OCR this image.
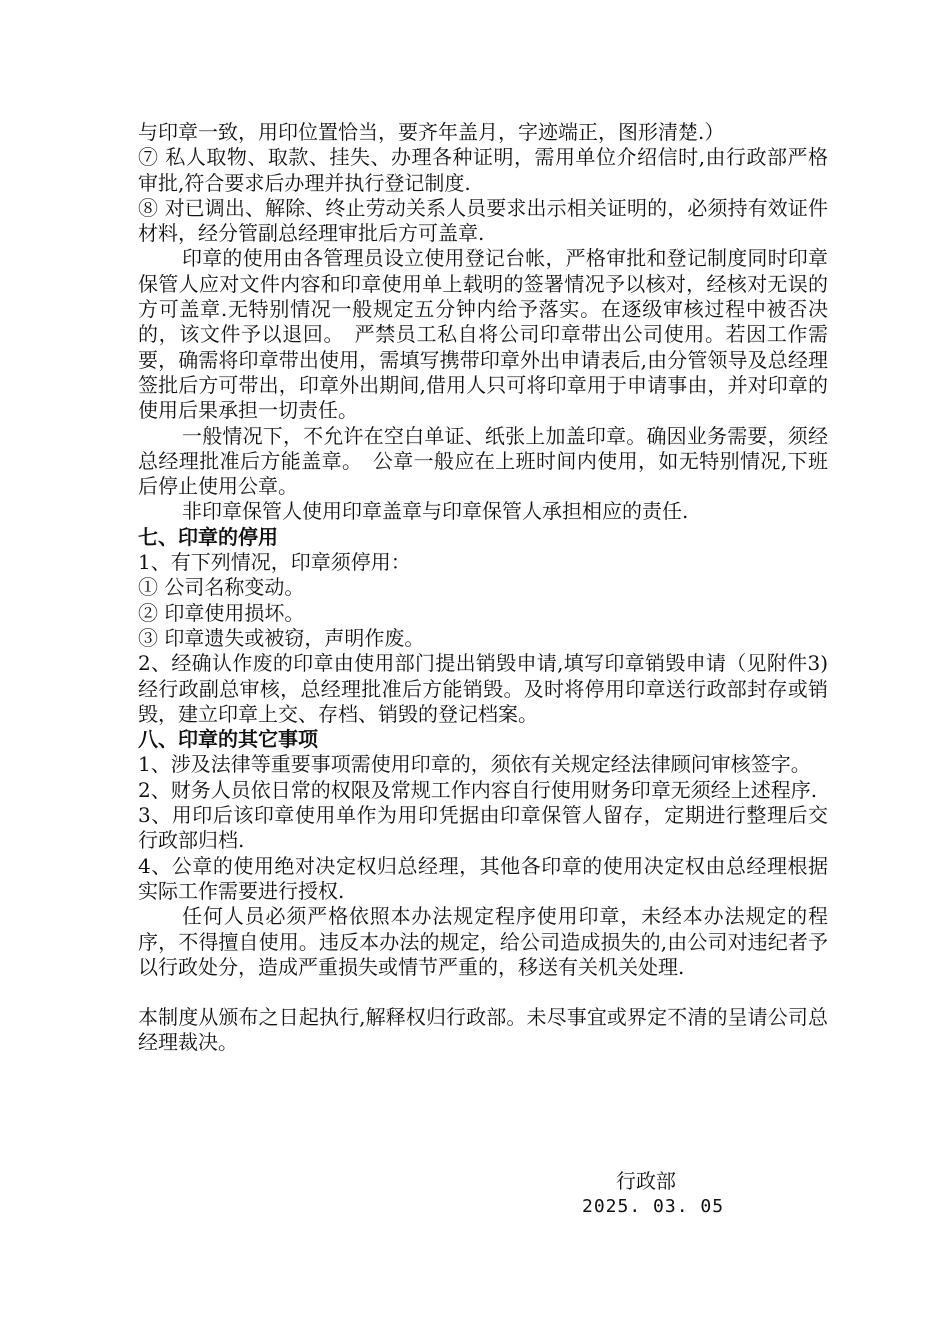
与印章一致，用印位置恰当，要齐年盖月，字迹端正，图形清楚.）

⑦ 私人取物、取款、挂失、办理各种证明，需用单位介绍信时,由行政部严格审批,符合要求后办理并执行登记制度.

⑧ 对已调出、解除、终止劳动关系人员要求出示相关证明的，必须持有效证件材料，经分管副总经理审批后方可盖章.

印章的使用由各管理员设立使用登记台帐，严格审批和登记制度同时印章保管人应对文件内容和印章使用单上载明的签署情况予以核对，经核对无误的方可盖章.无特别情况一般规定五分钟内给予落实。在逐级审核过程中被否决的，该文件予以退回。　严禁员工私自将公司印章带出公司使用。若因工作需要，确需将印章带出使用，需填写携带印章外出申请表后,由分管领导及总经理签批后方可带出，印章外出期间,借用人只可将印章用于申请事由，并对印章的使用后果承担一切责任。

一般情况下，不允许在空白单证、纸张上加盖印章。确因业务需要，须经总经理批准后方能盖章。　公章一般应在上班时间内使用，如无特别情况,下班后停止使用公章。

非印章保管人使用印章盖章与印章保管人承担相应的责任.

七、印章的停用

1、有下列情况，印章须停用：

① 公司名称变动。

② 印章使用损坏。

③ 印章遗失或被窃，声明作废。

2、经确认作废的印章由使用部门提出销毁申请,填写印章销毁申请（见附件3)经行政副总审核，总经理批准后方能销毁。及时将停用印章送行政部封存或销毁，建立印章上交、存档、销毁的登记档案。

八、印章的其它事项

1、涉及法律等重要事项需使用印章的，须依有关规定经法律顾问审核签字。

2、财务人员依日常的权限及常规工作内容自行使用财务印章无须经上述程序.

3、用印后该印章使用单作为用印凭据由印章保管人留存，定期进行整理后交行政部归档.

4、公章的使用绝对决定权归总经理，其他各印章的使用决定权由总经理根据实际工作需要进行授权.

任何人员必须严格依照本办法规定程序使用印章，未经本办法规定的程序，不得擅自使用。违反本办法的规定，给公司造成损失的,由公司对违纪者予以行政处分，造成严重损失或情节严重的，移送有关机关处理.

本制度从颁布之日起执行,解释权归行政部。未尽事宜或界定不清的呈请公司总经理裁决。

行政部
2025. 03. 05
